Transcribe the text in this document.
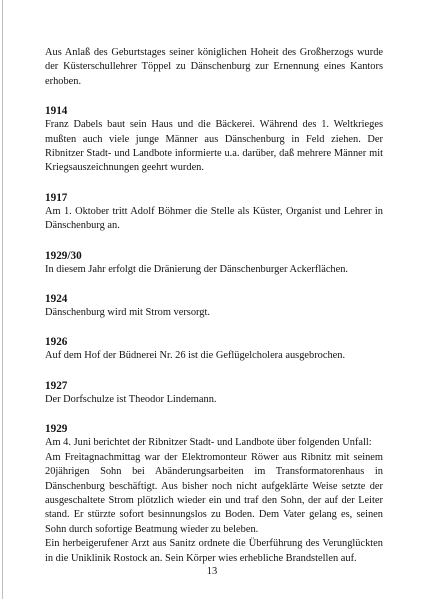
Aus Anlaß des Geburtstages seiner königlichen Hoheit des Großherzogs wurde der Küsterschullehrer Töppel zu Dänschenburg zur Ernennung eines Kantors erhoben.

1914

Franz Dabels baut sein Haus und die Bäckerei. Während des 1. Weltkrieges mußten auch viele junge Männer aus Dänschenburg in Feld ziehen. Der Ribnitzer Stadt- und Landbote informierte u.a. darüber, daß mehrere Männer mit Kriegsauszeichnungen geehrt wurden.

1917

Am 1. Oktober tritt Adolf Böhmer die Stelle als Küster, Organist und Lehrer in Dänschenburg an.

1929/30

In diesem Jahr erfolgt die Dränierung der Dänschenburger Ackerflächen.

1924

Dänschenburg wird mit Strom versorgt.

1926

Auf dem Hof der Büdnerei Nr. 26 ist die Geflügelcholera ausgebrochen.

1927

Der Dorfschulze ist Theodor Lindemann.

1929

Am 4. Juni berichtet der Ribnitzer Stadt- und Landbote über folgenden Unfall:

Am Freitagnachmittag war der Elektromonteur Röwer aus Ribnitz mit seinem 20jährigen Sohn bei Abänderungsarbeiten im Transformatorenhaus in Dänschenburg beschäftigt. Aus bisher noch nicht aufgeklärte Weise setzte der ausgeschaltete Strom plötzlich wieder ein und traf den Sohn, der auf der Leiter stand. Er stürzte sofort besinnungslos zu Boden. Dem Vater gelang es, seinen Sohn durch sofortige Beatmung wieder zu beleben.

Ein herbeigerufener Arzt aus Sanitz ordnete die Überführung des Verunglückten in die Uniklinik Rostock an. Sein Körper wies erhebliche Brandstellen auf.

13
